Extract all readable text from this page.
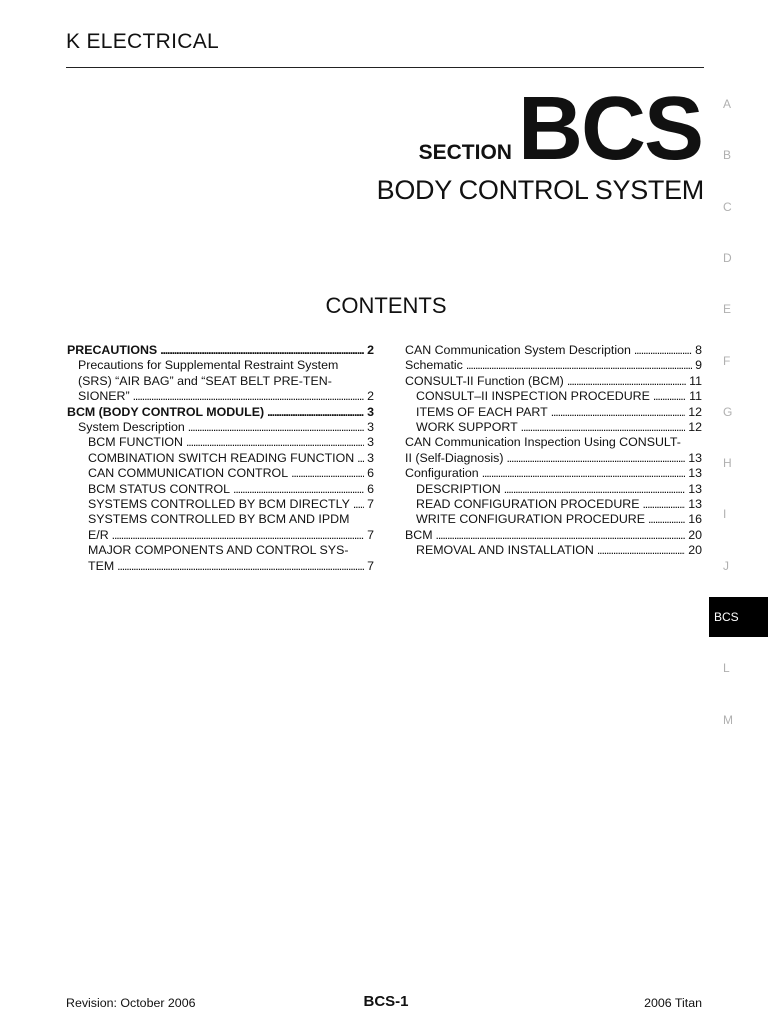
K ELECTRICAL
SECTION BCS
BODY CONTROL SYSTEM
CONTENTS
PRECAUTIONS . . .	2
Precautions for Supplemental Restraint System
(SRS) “AIR BAG” and “SEAT BELT PRE-TEN-
SIONER” . . .	2
BCM (BODY CONTROL MODULE) . . .	3
System Description . . .	3
BCM FUNCTION . . .	3
COMBINATION SWITCH READING FUNCTION . . . 3
CAN COMMUNICATION CONTROL . . .	6
BCM STATUS CONTROL . . .	6
SYSTEMS CONTROLLED BY BCM DIRECTLY . . . 7
SYSTEMS CONTROLLED BY BCM AND IPDM
E/R . . .	7
MAJOR COMPONENTS AND CONTROL SYS-
TEM . . .	7
CAN Communication System Description . . .	8
Schematic . . .	9
CONSULT-II Function (BCM) . . .	11
CONSULT–II INSPECTION PROCEDURE . . .	11
ITEMS OF EACH PART . . .	12
WORK SUPPORT . . .	12
CAN Communication Inspection Using CONSULT-
II (Self-Diagnosis) . . .	13
Configuration . . .	13
DESCRIPTION . . .	13
READ CONFIGURATION PROCEDURE . . .	13
WRITE CONFIGURATION PROCEDURE . . .	16
BCM . . .	20
REMOVAL AND INSTALLATION . . .	20
A
B
C
D
E
F
G
H
I
J
BCS
L
M
Revision: October 2006	BCS-1	2006 Titan
